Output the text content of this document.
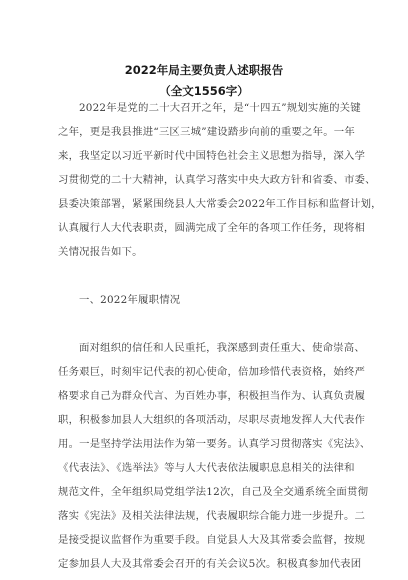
2022年局主要负责人述职报告
（全文1556字）
2022年是党的二十大召开之年，是“十四五”规划实施的关键
之年，更是我县推进“三区三城”建设踏步向前的重要之年。一年
来，我坚定以习近平新时代中国特色社会主义思想为指导，深入学
习贯彻党的二十大精神，认真学习落实中央大政方针和省委、市委、
县委决策部署，紧紧围绕县人大常委会2022年工作目标和监督计划，
认真履行人大代表职责，圆满完成了全年的各项工作任务，现将相
关情况报告如下。
一、2022年履职情况
面对组织的信任和人民重托，我深感到责任重大、使命崇高、
任务艰巨，时刻牢记代表的初心使命，倍加珍惜代表资格，始终严
格要求自己为群众代言、为百姓办事，积极担当作为、认真负责履
职，积极参加县人大组织的各项活动，尽职尽责地发挥人大代表作
用。一是坚持学法用法作为第一要务。认真学习贯彻落实《宪法》、
《代表法》、《选举法》等与人大代表依法履职息息相关的法律和
规范文件，全年组织局党组学法12次，自己及全交通系统全面贯彻
落实《宪法》及相关法律法规，代表履职综合能力进一步提升。二
是接受提议监督作为重要手段。自觉县人大及其常委会监督，按规
定参加县人大及其常委会召开的有关会议5次。积极真参加代表团
